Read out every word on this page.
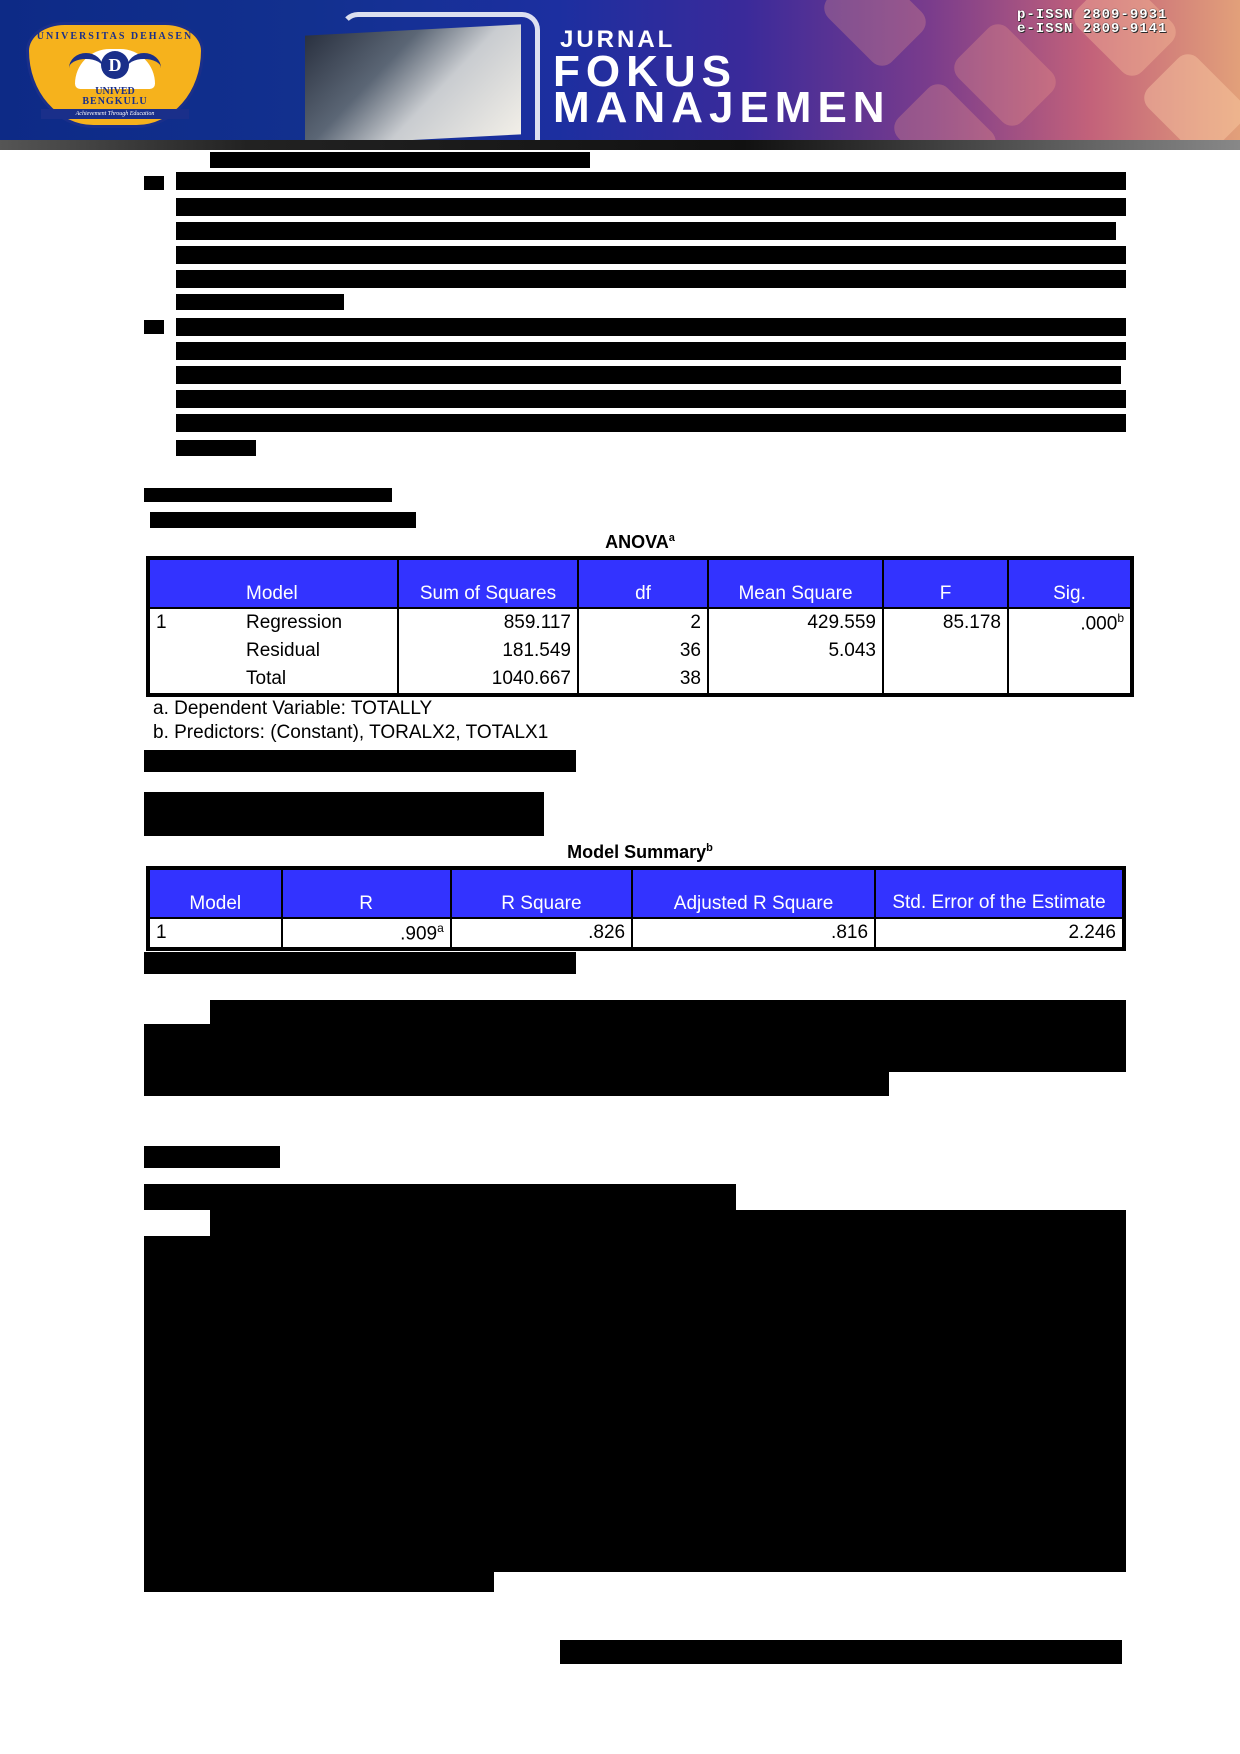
UNIVERSITAS DEHASEN
D
UNIVED
BENGKULU
Achievement Through Education
JURNAL
FOKUS
MANAJEMEN
p-ISSN 2809-9931
e-ISSN 2809-9141
ANOVA$^a$
Model	Sum of Squares	df	Mean Square	F	Sig.
1 Regression	859.117	2	429.559	85.178	.000$^b$
Residual	181.549	36	5.043		
Total	1040.667	38			
a. Dependent Variable: TOTALLY
b. Predictors: (Constant), TORALX2, TOTALX1
Model Summary$^b$
Model	R	R Square	Adjusted R Square	Std. Error of the Estimate
1	.909$^a$	.826	.816	2.246
